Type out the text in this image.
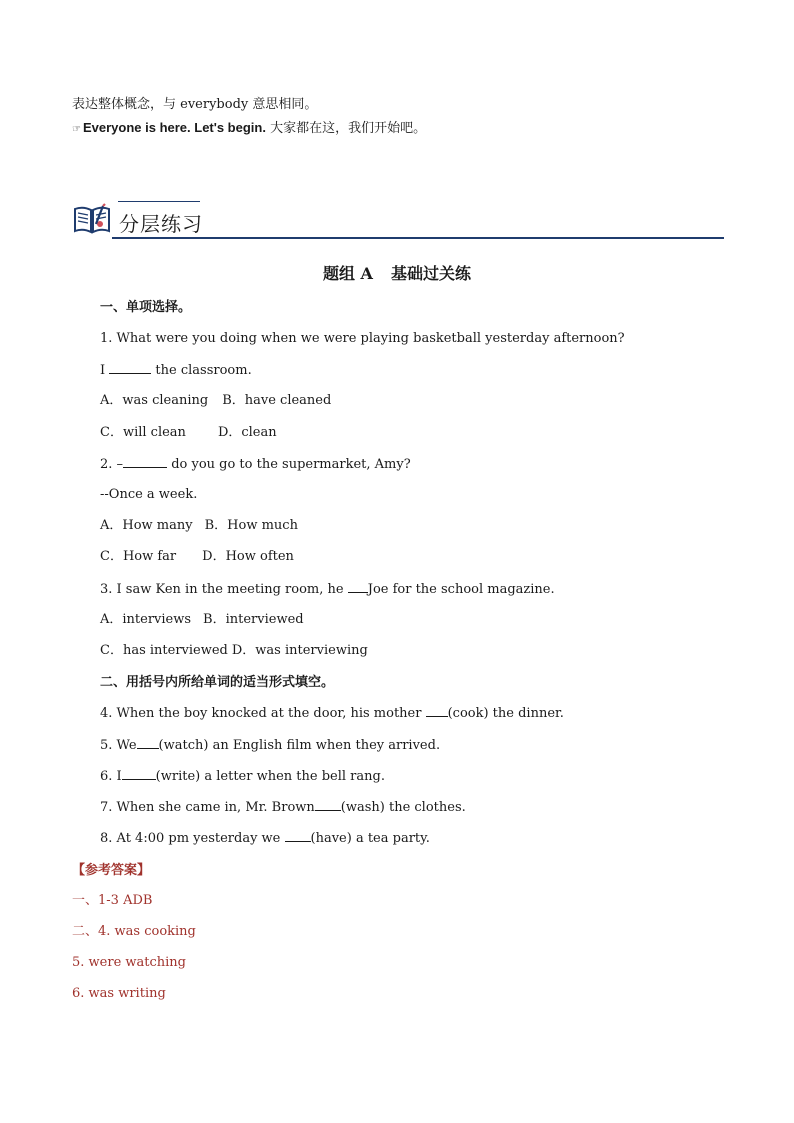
表达整体概念，与 everybody 意思相同。
☞ Everyone is here. Let's begin. 大家都在这，我们开始吧。
分层练习
题组 A 基础过关练
一、单项选择。
1. What were you doing when we were playing basketball yesterday afternoon?
I	the classroom.
A．was cleaning B．have cleaned
C．will clean D．clean
2. –	do you go to the supermarket, Amy?
--Once a week.
A．How many B．How much
C．How far D．How often
3. I saw Ken in the meeting room, he Joe for the school magazine.
A．interviews B．interviewed
C．has interviewed D．was interviewing
二、用括号内所给单词的适当形式填空。
4. When the boy knocked at the door, his mother (cook) the dinner.
5. We (watch) an English film when they arrived.
6. I	(write) a letter when the bell rang.
7. When she came in, Mr. Brown (wash) the clothes.
8. At 4:00 pm yesterday we (have) a tea party.
【参考答案】
一、1-3 ADB
二、4. was cooking
5. were watching
6. was writing
